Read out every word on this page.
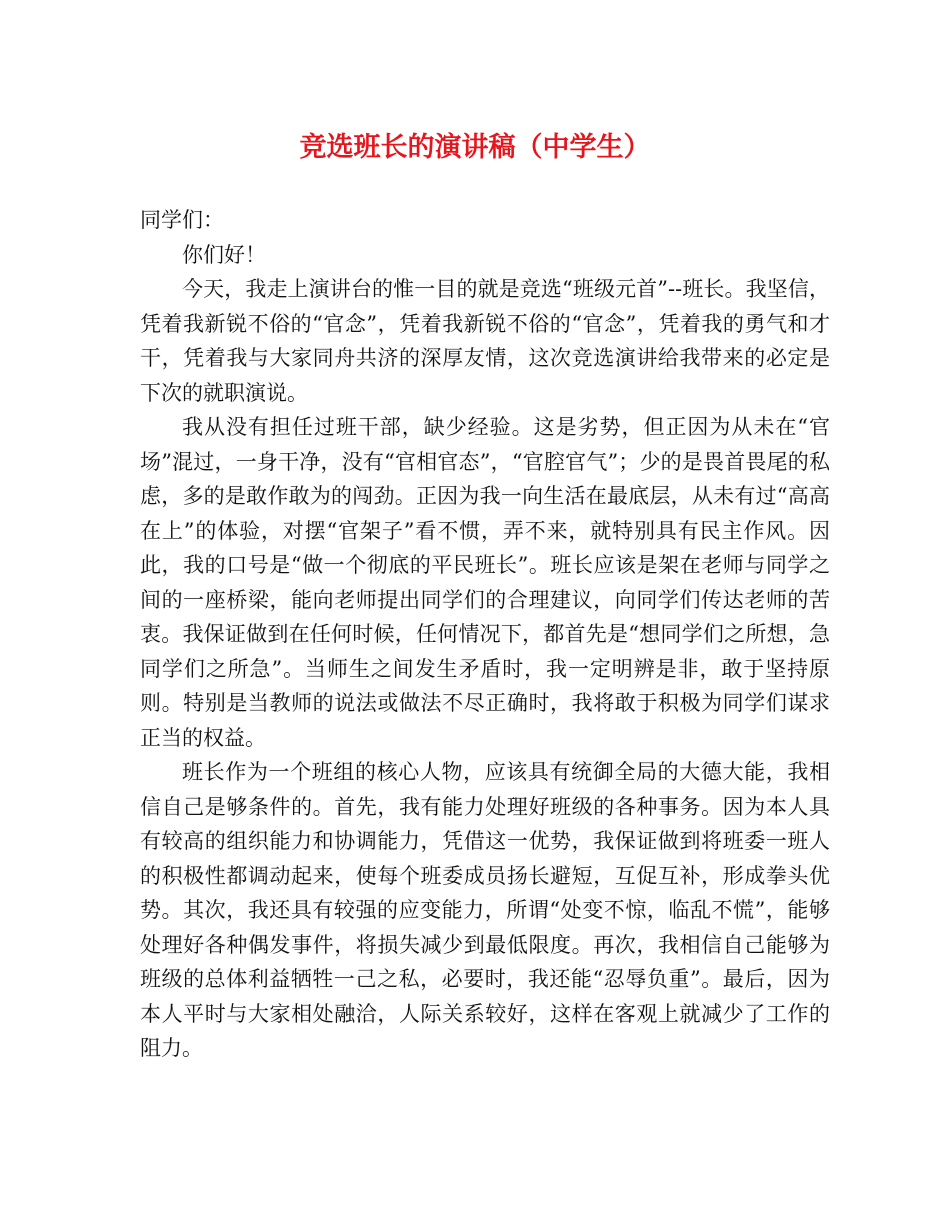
竞选班长的演讲稿（中学生）

同学们：

你们好！

今天，我走上演讲台的惟一目的就是竞选“班级元首”--班长。我坚信，凭着我新锐不俗的“官念”，凭着我新锐不俗的“官念”，凭着我的勇气和才干，凭着我与大家同舟共济的深厚友情，这次竞选演讲给我带来的必定是下次的就职演说。

我从没有担任过班干部，缺少经验。这是劣势，但正因为从未在“官场”混过，一身干净，没有“官相官态”，“官腔官气”；少的是畏首畏尾的私虑，多的是敢作敢为的闯劲。正因为我一向生活在最底层，从未有过“高高在上”的体验，对摆“官架子”看不惯，弄不来，就特别具有民主作风。因此，我的口号是“做一个彻底的平民班长”。班长应该是架在老师与同学之间的一座桥梁，能向老师提出同学们的合理建议，向同学们传达老师的苦衷。我保证做到在任何时候，任何情况下，都首先是“想同学们之所想，急同学们之所急”。当师生之间发生矛盾时，我一定明辨是非，敢于坚持原则。特别是当教师的说法或做法不尽正确时，我将敢于积极为同学们谋求正当的权益。

班长作为一个班组的核心人物，应该具有统御全局的大德大能，我相信自己是够条件的。首先，我有能力处理好班级的各种事务。因为本人具有较高的组织能力和协调能力，凭借这一优势，我保证做到将班委一班人的积极性都调动起来，使每个班委成员扬长避短，互促互补，形成拳头优势。其次，我还具有较强的应变能力，所谓“处变不惊，临乱不慌”，能够处理好各种偶发事件，将损失减少到最低限度。再次，我相信自己能够为班级的总体利益牺牲一己之私，必要时，我还能“忍辱负重”。最后，因为本人平时与大家相处融洽，人际关系较好，这样在客观上就减少了工作的阻力。
